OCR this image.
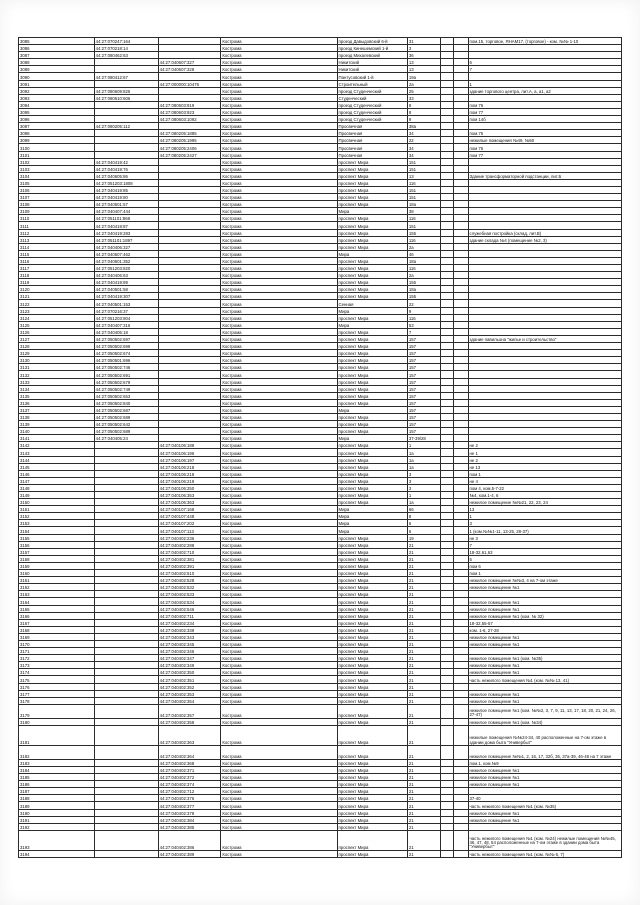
3085	44:27:070247:164		Кострома	проезд Давыдовский 6-й	31			пом.15, торговое, ЯНАМ17, (торговое) - ком. №№ 1-10
3086	44:27:070218:14		Кострома	проезд Кинешемский 1-й	3			
3087	44:27:080462:63		Кострома	проезд Михалевский	36			
3088		44:27:040607:327	Кострома	Никитский	13			6
3089		44:27:040607:328	Кострома	Никитский	13			7
3090	44:27:080412:67		Кострома	Пантусовский 1-й	19a			
3091		44:27:000000:10476	Кострома	Строительный	2a			1
3092	44:27:080609:826		Кострома	проезд Студенческий	25			здание торгового центра, лит.А, a, a1, a2
3093	44:27:080610:606		Кострома	Студенческий	33			
3094		44:27:080603:919	Кострома	проезд Студенческий	8			пом 76
3095		44:27:080603:923	Кострома	проезд Студенческий	8			пом 77
3096		44:27:080603:1092	Кострома	проезд Студенческий	9			пом 14б
3097	44:27:080205:112		Кострома	Просвечная	38a			
3098		44:27:080205:1885	Кострома	Просвечная	34			пом.75
3099		44:27:080205:1995	Кострома	Просвечная	22			нежилые помещения №49, №50
3100		44:27:080205:2406	Кострома	Просвечная	34			пом 76
3101		44:27:080205:2427	Кострома	Просвечная	34			пом 77
3102	44:27:040419:42		Кострома	проспект Мира	151			
3103	44:27:040419:76		Кострома	проспект Мира	151			
3104	44:27:040605:86		Кострома	проспект Мира	13			Здание трансформаторной подстанции, лит.Б
3105	44:27:051203:1808		Кострома	проспект Мира	116			
3106	44:27:040419:85		Кострома	проспект Мира	151			
3107	44:27:040419:80		Кострома	проспект Мира	151			
3108	44:27:040501:57		Кострома	проспект Мира	18a			
3109	44:27:040407:444		Кострома	Мира	38			
3110	44:27:051101:868		Кострома	проспект Мира	116			
3111	44:27:040419:87		Кострома	проспект Мира	151			
3112	44:27:040419:283		Кострома	проспект Мира	155			служебная постройка (склад, лит.В)
3113	44:27:051101:1897		Кострома	проспект Мира	116			здание склада №4 (помещение №2, 3)
3114	44:27:040406:327		Кострома	проспект Мира	2a			
3115	44:27:040507:462		Кострома	Мира	46			
3116	44:27:040501:352		Кострома	проспект Мира	18a			
3117	44:27:051203:820		Кострома	проспект Мира	116			
3118	44:27:040406:63		Кострома	проспект Мира	2a			
3119	44:27:040419:89		Кострома	проспект Мира	155			
3120	44:27:040501:58		Кострома	проспект Мира	18a			
3121	44:27:040419:307		Кострома	проспект Мира	155			
3122	44:27:040501:153		Кострома	Сенная	22			
3123	44:27:070216:37		Кострома	Мира	9			
3124	44:27:051203:804		Кострома	проспект Мира	116			
3125	44:27:040407:316		Кострома	Мира	53			
3126	44:27:040405:18		Кострома	проспект Мира	7			
3127	44:27:050502:697		Кострома	проспект Мира	157			здание павильона "жилье и строительство"
3128	44:27:050502:699		Кострома	проспект Мира	157			
3129	44:27:050502:674		Кострома	проспект Мира	157			
3130	44:27:050501:696		Кострома	проспект Мира	157			
3131	44:27:050502:746		Кострома	проспект Мира	157			
3132	44:27:050502:691		Кострома	проспект Мира	157			
3133	44:27:050502:679		Кострома	проспект Мира	157			
3134	44:27:050502:749		Кострома	проспект Мира	157			
3135	44:27:050502:653		Кострома	проспект Мира	157			
3136	44:27:050502:840		Кострома	проспект Мира	157			
3137	44:27:050502:687		Кострома	Мира	157			
3138	44:27:050502:689		Кострома	проспект Мира	157			
3139	44:27:050502:642		Кострома	проспект Мира	157			
3140	44:27:050502:689		Кострома	проспект Мира	157			
3141	44:27:040405:24		Кострома	Мира	37-39/28			
3142		44:27:040106:188	Кострома	проспект Мира	1			не 2
3143		44:27:040106:196	Кострома	проспект Мира	1a			не 1
3144		44:27:040106:197	Кострома	проспект Мира	1a			не 2
3145		44:27:040106:218	Кострома	проспект Мира	1a			не 13
3146		44:27:040106:218	Кострома	проспект Мира	3			пом 1
3147		44:27:040106:219	Кострома	проспект Мира	3			не 4
3148		44:27:040106:250	Кострома	проспект Мира	3			пом 4, ком.5-7-22
3149		44:27:040106:353	Кострома	проспект Мира	1			№4, ком.1-4, 6
3150		44:27:040106:363	Кострома	проспект Мира	1a			нежилое помещение №№21, 22, 23, 24
3151		44:27:040107:168	Кострома	Мира	66			13
3152		44:27:040107:448	Кострома	Мира	8			1
3153		44:27:040107:202	Кострома	Мира	6			3
3154		44:27:040107:113	Кострома	Мира	6			1 (ком.№№1-11, 13-25, 28-37)
3155		44:27:040402:236	Кострома	проспект Мира	19			не 3
3156		44:27:040402:288	Кострома	проспект Мира	21			7
3157		44:27:040402:710	Кострома	проспект Мира	21			18-32,61,63
3158		44:27:040402:381	Кострома	проспект Мира	21			5
3159		44:27:040402:391	Кострома	проспект Мира	21			пом 6
3160		44:27:040402:510	Кострома	проспект Мира	21			пом 1
3161		44:27:040402:528	Кострома	проспект Мира	21			нежилое помещение №№3, 4 на 7-ом этаже
3162		44:27:040402:532	Кострома	проспект Мира	21			нежилое помещение №1
3163		44:27:040402:533	Кострома	проспект Мира	21			
3164		44:27:040402:534	Кострома	проспект Мира	21			нежилое помещение №1
3165		44:27:040402:546	Кострома	проспект Мира	21			нежилое помещение №1
3166		44:27:040402:711	Кострома	проспект Мира	21			нежилое помещение №1 (ком. № 32)
3167		44:27:040402:234	Кострома	проспект Мира	21			18-32,55-57
3168		44:27:040402:339	Кострома	проспект Мира	21			ком. 1-6, 27-28
3169		44:27:040402:343	Кострома	проспект Мира	21			нежилое помещение №1
3170		44:27:040402:345	Кострома	проспект Мира	21			нежилое помещение №1
3171		44:27:040402:346	Кострома	проспект Мира	21			
3172		44:27:040402:347	Кострома	проспект Мира	21			нежилое помещение №1 (ком. №35)
3173		44:27:040402:349	Кострома	проспект Мира	21			нежилое помещение №1
3174		44:27:040402:350	Кострома	проспект Мира	21			нежилое помещение №1
3175		44:27:040402:351	Кострома	проспект Мира	21			часть нежилого помещения №1 (ком. №№ 13, 41)
3176		44:27:040402:352	Кострома	проспект Мира	21			
3177		44:27:040402:353	Кострома	проспект Мира	21			нежилое помещение №1
3178		44:27:040402:354	Кострома	проспект Мира	21			нежилое помещение №1
3179		44:27:040402:357	Кострома	проспект Мира	21			нежилое помещение №1 (ком. №№2, 3, 7, 9, 11, 13, 17, 18, 20, 21, 24, 26, 27-47)
3180		44:27:040402:358	Кострома	проспект Мира	21			нежилое помещение №1 (ком. №34)
3181		44:27:040402:363	Кострома	проспект Мира	21			нежилые помещения №№24-34, 40 расположенные на 7-ом этаже в здании дома быта "Универбыт"
3182		44:27:040402:364	Кострома	проспект Мира	21			нежилое помещение №№1, 2, 16, 17, 32б, 36, 37а-39, 46-48 на 7 этаже
3183		44:27:040402:368	Кострома	проспект Мира	21			пом.1, ком.№9
3184		44:27:040402:371	Кострома	проспект Мира	21			нежилое помещение №1
3185		44:27:040402:372	Кострома	проспект Мира	21			нежилое помещение №1
3186		44:27:040402:374	Кострома	проспект Мира	21			нежилое помещение №1
3187		44:27:040402:712	Кострома	проспект Мира	21			
3188		44:27:040402:376	Кострома	проспект Мира	21			37-40
3189		44:27:040402:377	Кострома	проспект Мира	21			часть нежилого помещения №1 (ком. №35)
3190		44:27:040402:378	Кострома	проспект Мира	21			нежилое помещение №1
3191		44:27:040402:384	Кострома	проспект Мира	21			нежилое помещение №1
3192		44:27:040402:385	Кострома	проспект Мира	21			
3193		44:27:040402:386	Кострома	проспект Мира	21			часть нежилого помещения №1 (ком. №24) нежилые помещения №№45, 46, 47, 48, 54 расположенные на 7-ом этаже в здании дома быта "Универбыт"
3194		44:27:040402:389	Кострома	проспект Мира	21			часть нежилого помещения №1 (ком. №№ 6, 7)
